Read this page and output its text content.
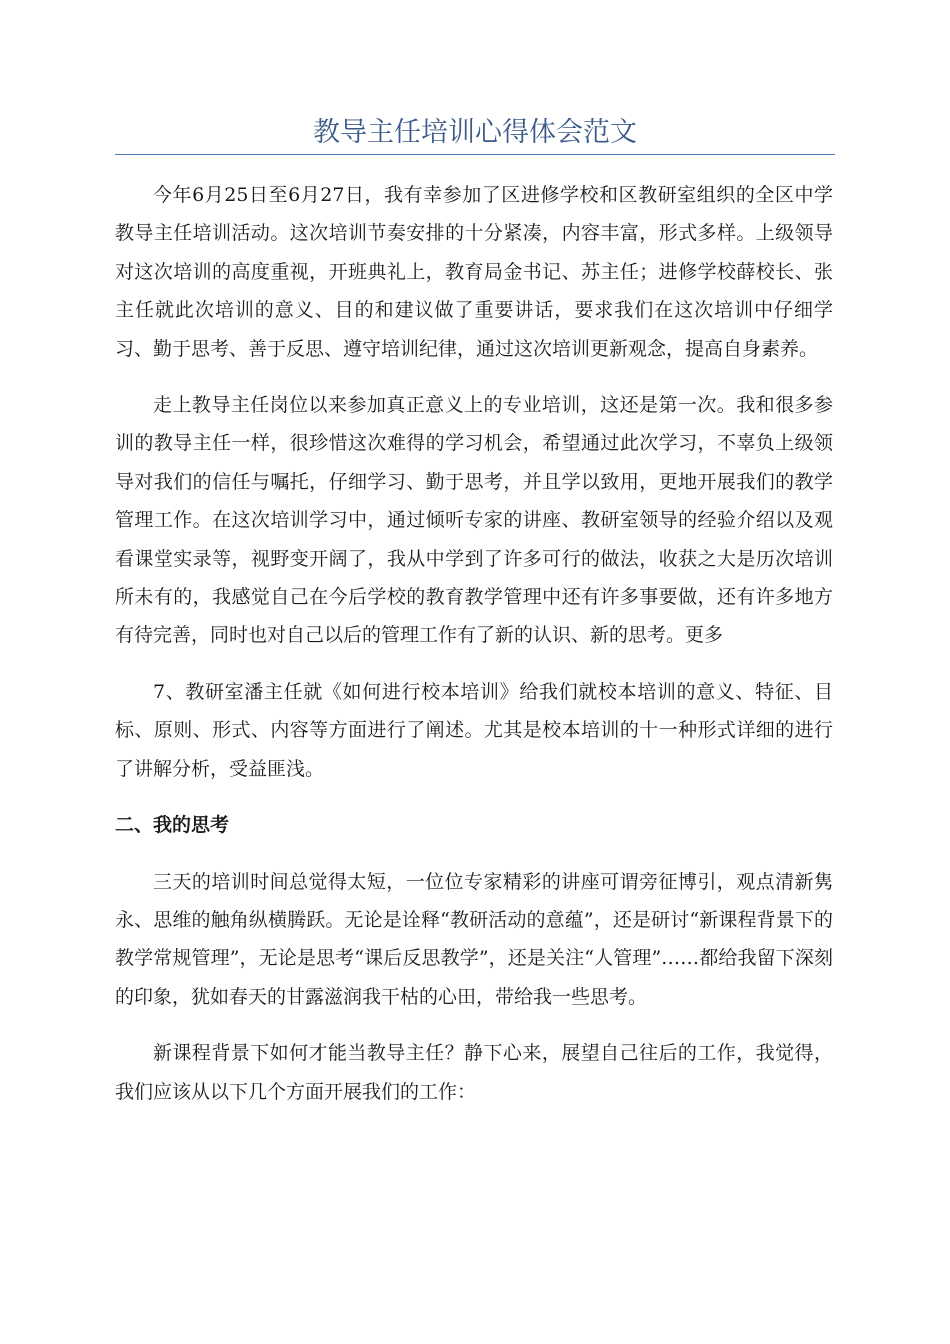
教导主任培训心得体会范文

今年6月25日至6月27日，我有幸参加了区进修学校和区教研室组织的全区中学教导主任培训活动。这次培训节奏安排的十分紧凑，内容丰富，形式多样。上级领导对这次培训的高度重视，开班典礼上，教育局金书记、苏主任；进修学校薛校长、张主任就此次培训的意义、目的和建议做了重要讲话，要求我们在这次培训中仔细学习、勤于思考、善于反思、遵守培训纪律，通过这次培训更新观念，提高自身素养。

走上教导主任岗位以来参加真正意义上的专业培训，这还是第一次。我和很多参训的教导主任一样，很珍惜这次难得的学习机会，希望通过此次学习，不辜负上级领导对我们的信任与嘱托，仔细学习、勤于思考，并且学以致用，更地开展我们的教学管理工作。在这次培训学习中，通过倾听专家的讲座、教研室领导的经验介绍以及观看课堂实录等，视野变开阔了，我从中学到了许多可行的做法，收获之大是历次培训所未有的，我感觉自己在今后学校的教育教学管理中还有许多事要做，还有许多地方有待完善，同时也对自己以后的管理工作有了新的认识、新的思考。更多

7、教研室潘主任就《如何进行校本培训》给我们就校本培训的意义、特征、目标、原则、形式、内容等方面进行了阐述。尤其是校本培训的十一种形式详细的进行了讲解分析，受益匪浅。

二、我的思考

三天的培训时间总觉得太短，一位位专家精彩的讲座可谓旁征博引，观点清新隽永、思维的触角纵横腾跃。无论是诠释“教研活动的意蕴”，还是研讨“新课程背景下的教学常规管理”，无论是思考“课后反思教学”，还是关注“人管理”……都给我留下深刻的印象，犹如春天的甘露滋润我干枯的心田，带给我一些思考。

新课程背景下如何才能当教导主任？静下心来，展望自己往后的工作，我觉得，我们应该从以下几个方面开展我们的工作：
